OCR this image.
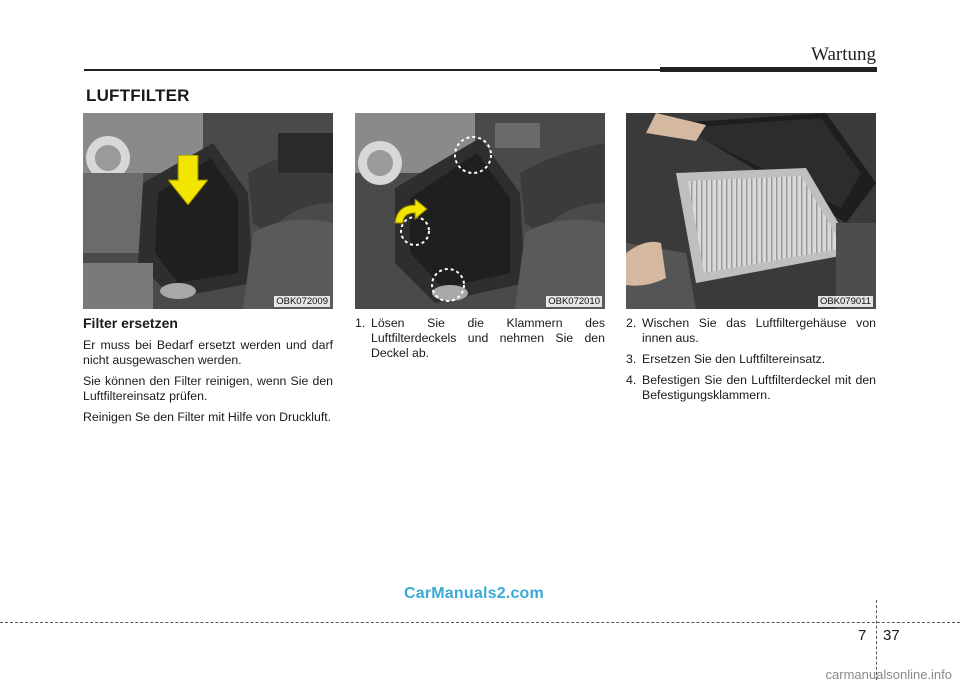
Wartung
LUFTFILTER
OBK072009	OBK072010	OBK079011
Filter ersetzen

Er muss bei Bedarf ersetzt werden und darf nicht ausgewaschen werden.

Sie können den Filter reinigen, wenn Sie den Luftfiltereinsatz prüfen.

Reinigen Se den Filter mit Hilfe von Druckluft.

1. Lösen Sie die Klammern des Luftfilterdeckels und nehmen Sie den Deckel ab.
2. Wischen Sie das Luftfiltergehäuse von innen aus.
3. Ersetzen Sie den Luftfiltereinsatz.
4. Befestigen Sie den Luftfilterdeckel mit den Befestigungsklammern.
CarManuals2.com
7 37
carmanualsonline.info
